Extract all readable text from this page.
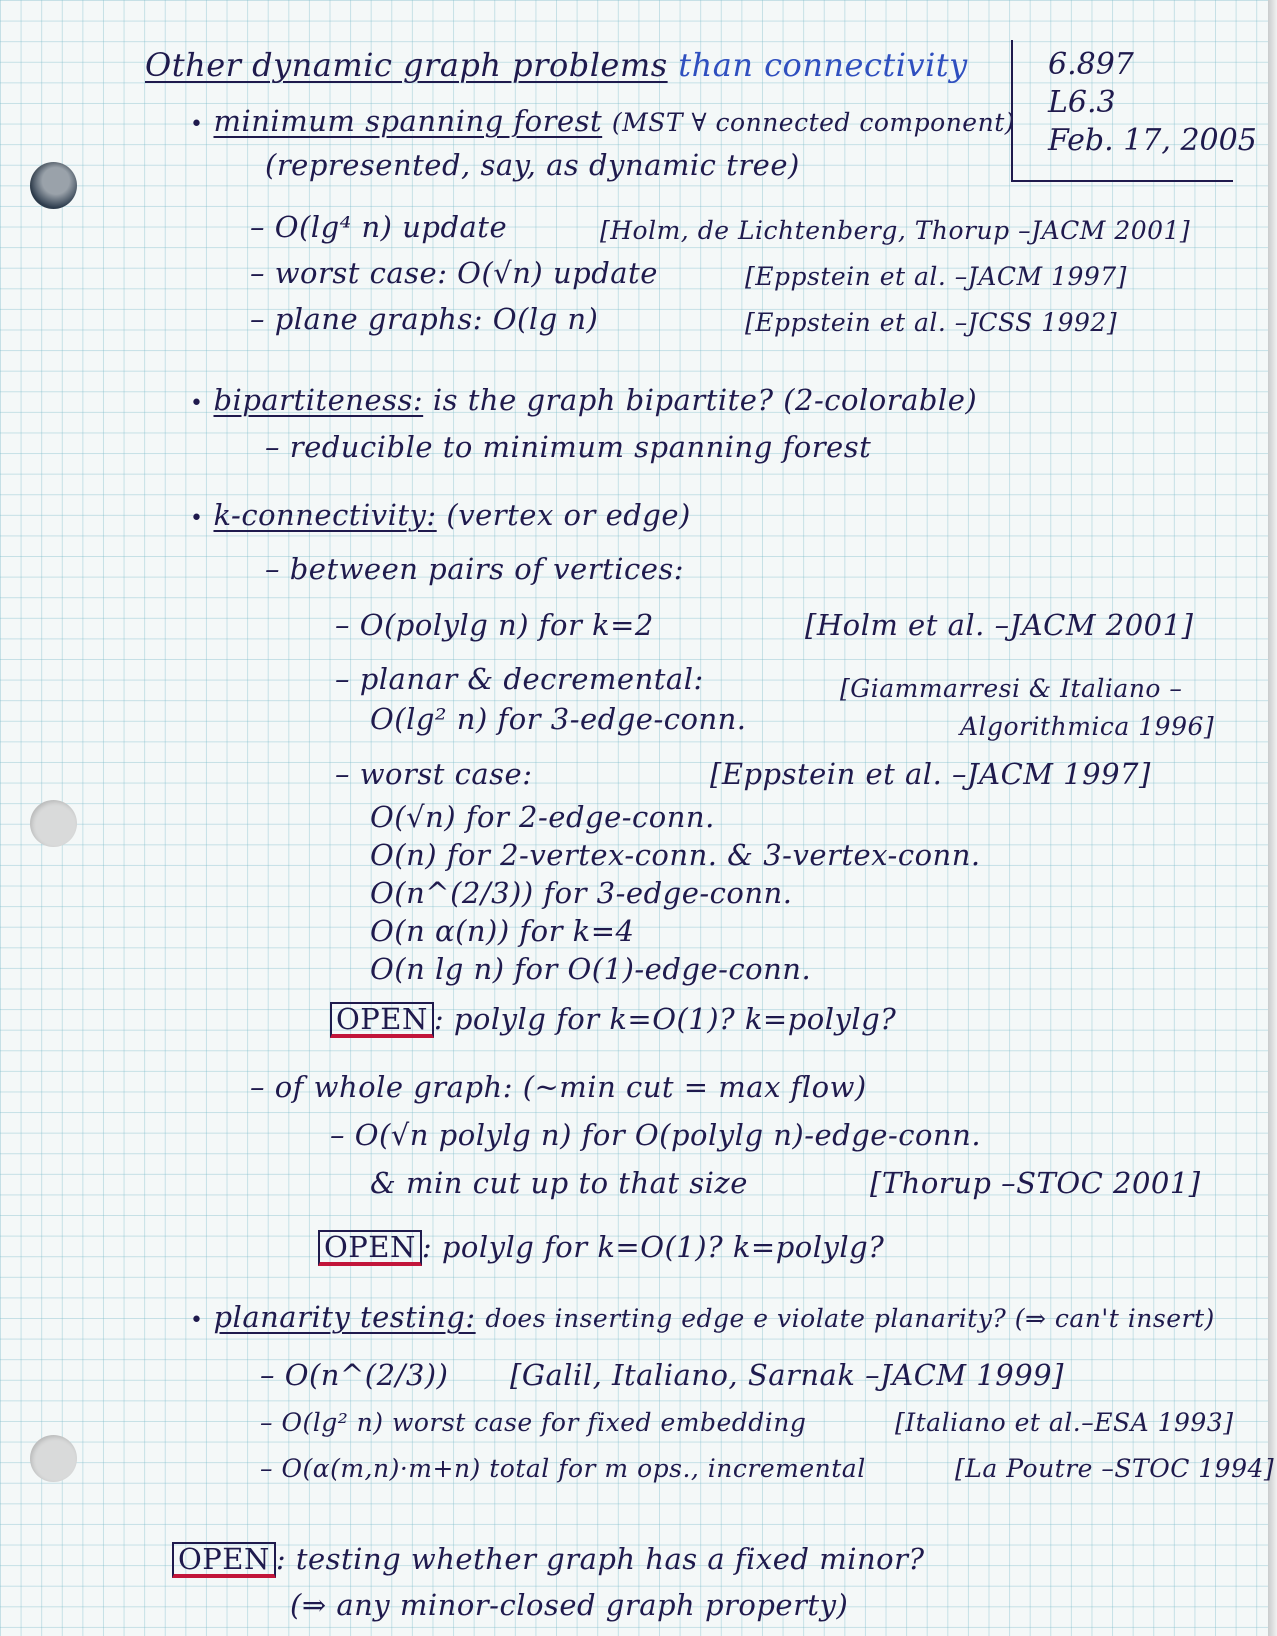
6.897
L6.3
Feb. 17, 2005
Other dynamic graph problems than connectivity
• minimum spanning forest (MST ∀ connected component)
(represented, say, as dynamic tree)
– O(lg⁴ n) update	[Holm, de Lichtenberg, Thorup –JACM 2001]
– worst case: O(√n) update	[Eppstein et al. –JACM 1997]
– plane graphs: O(lg n)	[Eppstein et al. –JCSS 1992]
• bipartiteness: is the graph bipartite? (2-colorable)
– reducible to minimum spanning forest
• k-connectivity: (vertex or edge)
– between pairs of vertices:
– O(polylg n) for k=2	[Holm et al. –JACM 2001]
– planar & decremental:	[Giammarresi & Italiano –
O(lg² n) for 3-edge-conn.	Algorithmica 1996]
– worst case:	[Eppstein et al. –JACM 1997]
O(√n) for 2-edge-conn.
O(n) for 2-vertex-conn. & 3-vertex-conn.
O(n^(2/3)) for 3-edge-conn.
O(n α(n)) for k=4
O(n lg n) for O(1)-edge-conn.
OPEN : polylg for k=O(1)? k=polylg?
– of whole graph: (~min cut = max flow)
– O(√n polylg n) for O(polylg n)-edge-conn.
& min cut up to that size	[Thorup –STOC 2001]
OPEN : polylg for k=O(1)? k=polylg?
• planarity testing: does inserting edge e violate planarity? (⇒ can't insert)
– O(n^(2/3)) [Galil, Italiano, Sarnak –JACM 1999]
– O(lg² n) worst case for fixed embedding	[Italiano et al.–ESA 1993]
– O(α(m,n)·m+n) total for m ops., incremental	[La Poutre –STOC 1994]
OPEN : testing whether graph has a fixed minor?
(⇒ any minor-closed graph property)
